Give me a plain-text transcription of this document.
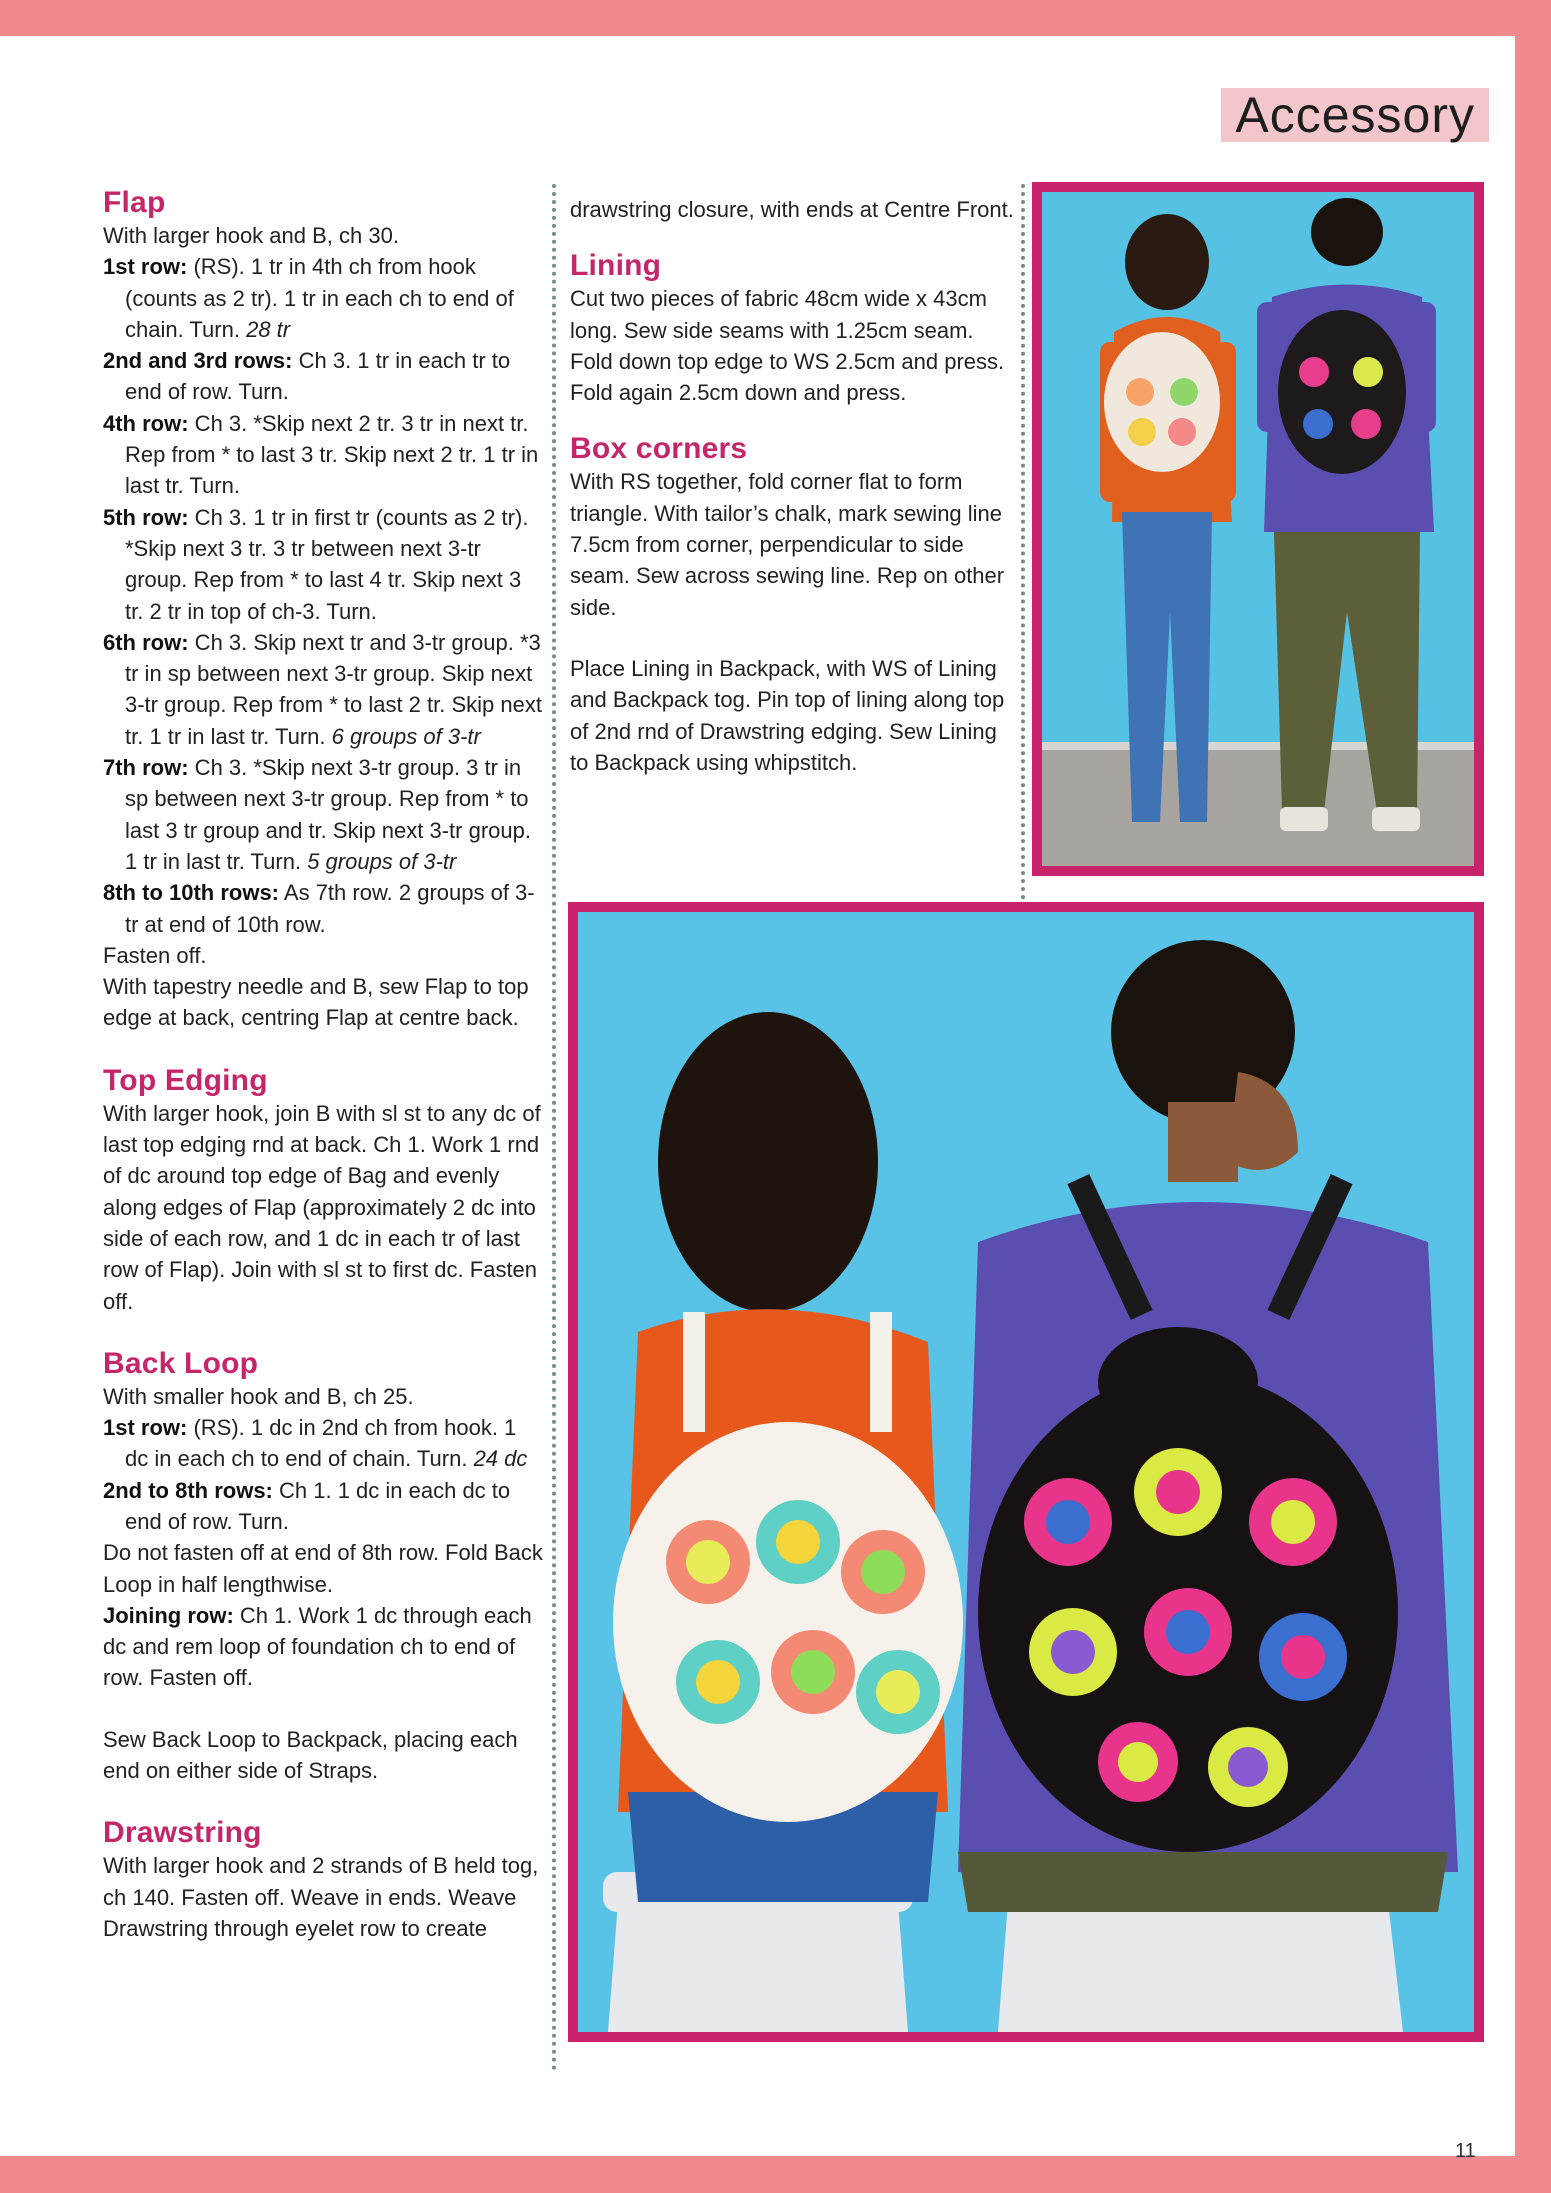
Accessory
Flap

With larger hook and B, ch 30.

1st row: (RS). 1 tr in 4th ch from hook (counts as 2 tr). 1 tr in each ch to end of chain. Turn. 28 tr

2nd and 3rd rows: Ch 3. 1 tr in each tr to end of row. Turn.

4th row: Ch 3. *Skip next 2 tr. 3 tr in next tr. Rep from * to last 3 tr. Skip next 2 tr. 1 tr in last tr. Turn.

5th row: Ch 3. 1 tr in first tr (counts as 2 tr). *Skip next 3 tr. 3 tr between next 3-tr group. Rep from * to last 4 tr. Skip next 3 tr. 2 tr in top of ch-3. Turn.

6th row: Ch 3. Skip next tr and 3-tr group. *3 tr in sp between next 3-tr group. Skip next 3-tr group. Rep from * to last 2 tr. Skip next tr. 1 tr in last tr. Turn. 6 groups of 3-tr

7th row: Ch 3. *Skip next 3-tr group. 3 tr in sp between next 3-tr group. Rep from * to last 3 tr group and tr. Skip next 3-tr group. 1 tr in last tr. Turn. 5 groups of 3-tr

8th to 10th rows: As 7th row. 2 groups of 3-tr at end of 10th row.

Fasten off.

With tapestry needle and B, sew Flap to top edge at back, centring Flap at centre back.

Top Edging

With larger hook, join B with sl st to any dc of last top edging rnd at back. Ch 1. Work 1 rnd of dc around top edge of Bag and evenly along edges of Flap (approximately 2 dc into side of each row, and 1 dc in each tr of last row of Flap). Join with sl st to first dc. Fasten off.

Back Loop

With smaller hook and B, ch 25.

1st row: (RS). 1 dc in 2nd ch from hook. 1 dc in each ch to end of chain. Turn. 24 dc

2nd to 8th rows: Ch 1. 1 dc in each dc to end of row. Turn.

Do not fasten off at end of 8th row. Fold Back Loop in half lengthwise.

Joining row: Ch 1. Work 1 dc through each dc and rem loop of foundation ch to end of row. Fasten off.

Sew Back Loop to Backpack, placing each end on either side of Straps.

Drawstring

With larger hook and 2 strands of B held tog, ch 140. Fasten off. Weave in ends. Weave Drawstring through eyelet row to create

drawstring closure, with ends at Centre Front.

Lining

Cut two pieces of fabric 48cm wide x 43cm long. Sew side seams with 1.25cm seam. Fold down top edge to WS 2.5cm and press. Fold again 2.5cm down and press.

Box corners

With RS together, fold corner flat to form triangle. With tailor’s chalk, mark sewing line 7.5cm from corner, perpendicular to side seam. Sew across sewing line. Rep on other side.

Place Lining in Backpack, with WS of Lining and Backpack tog. Pin top of lining along top of 2nd rnd of Drawstring edging. Sew Lining to Backpack using whipstitch.

11
